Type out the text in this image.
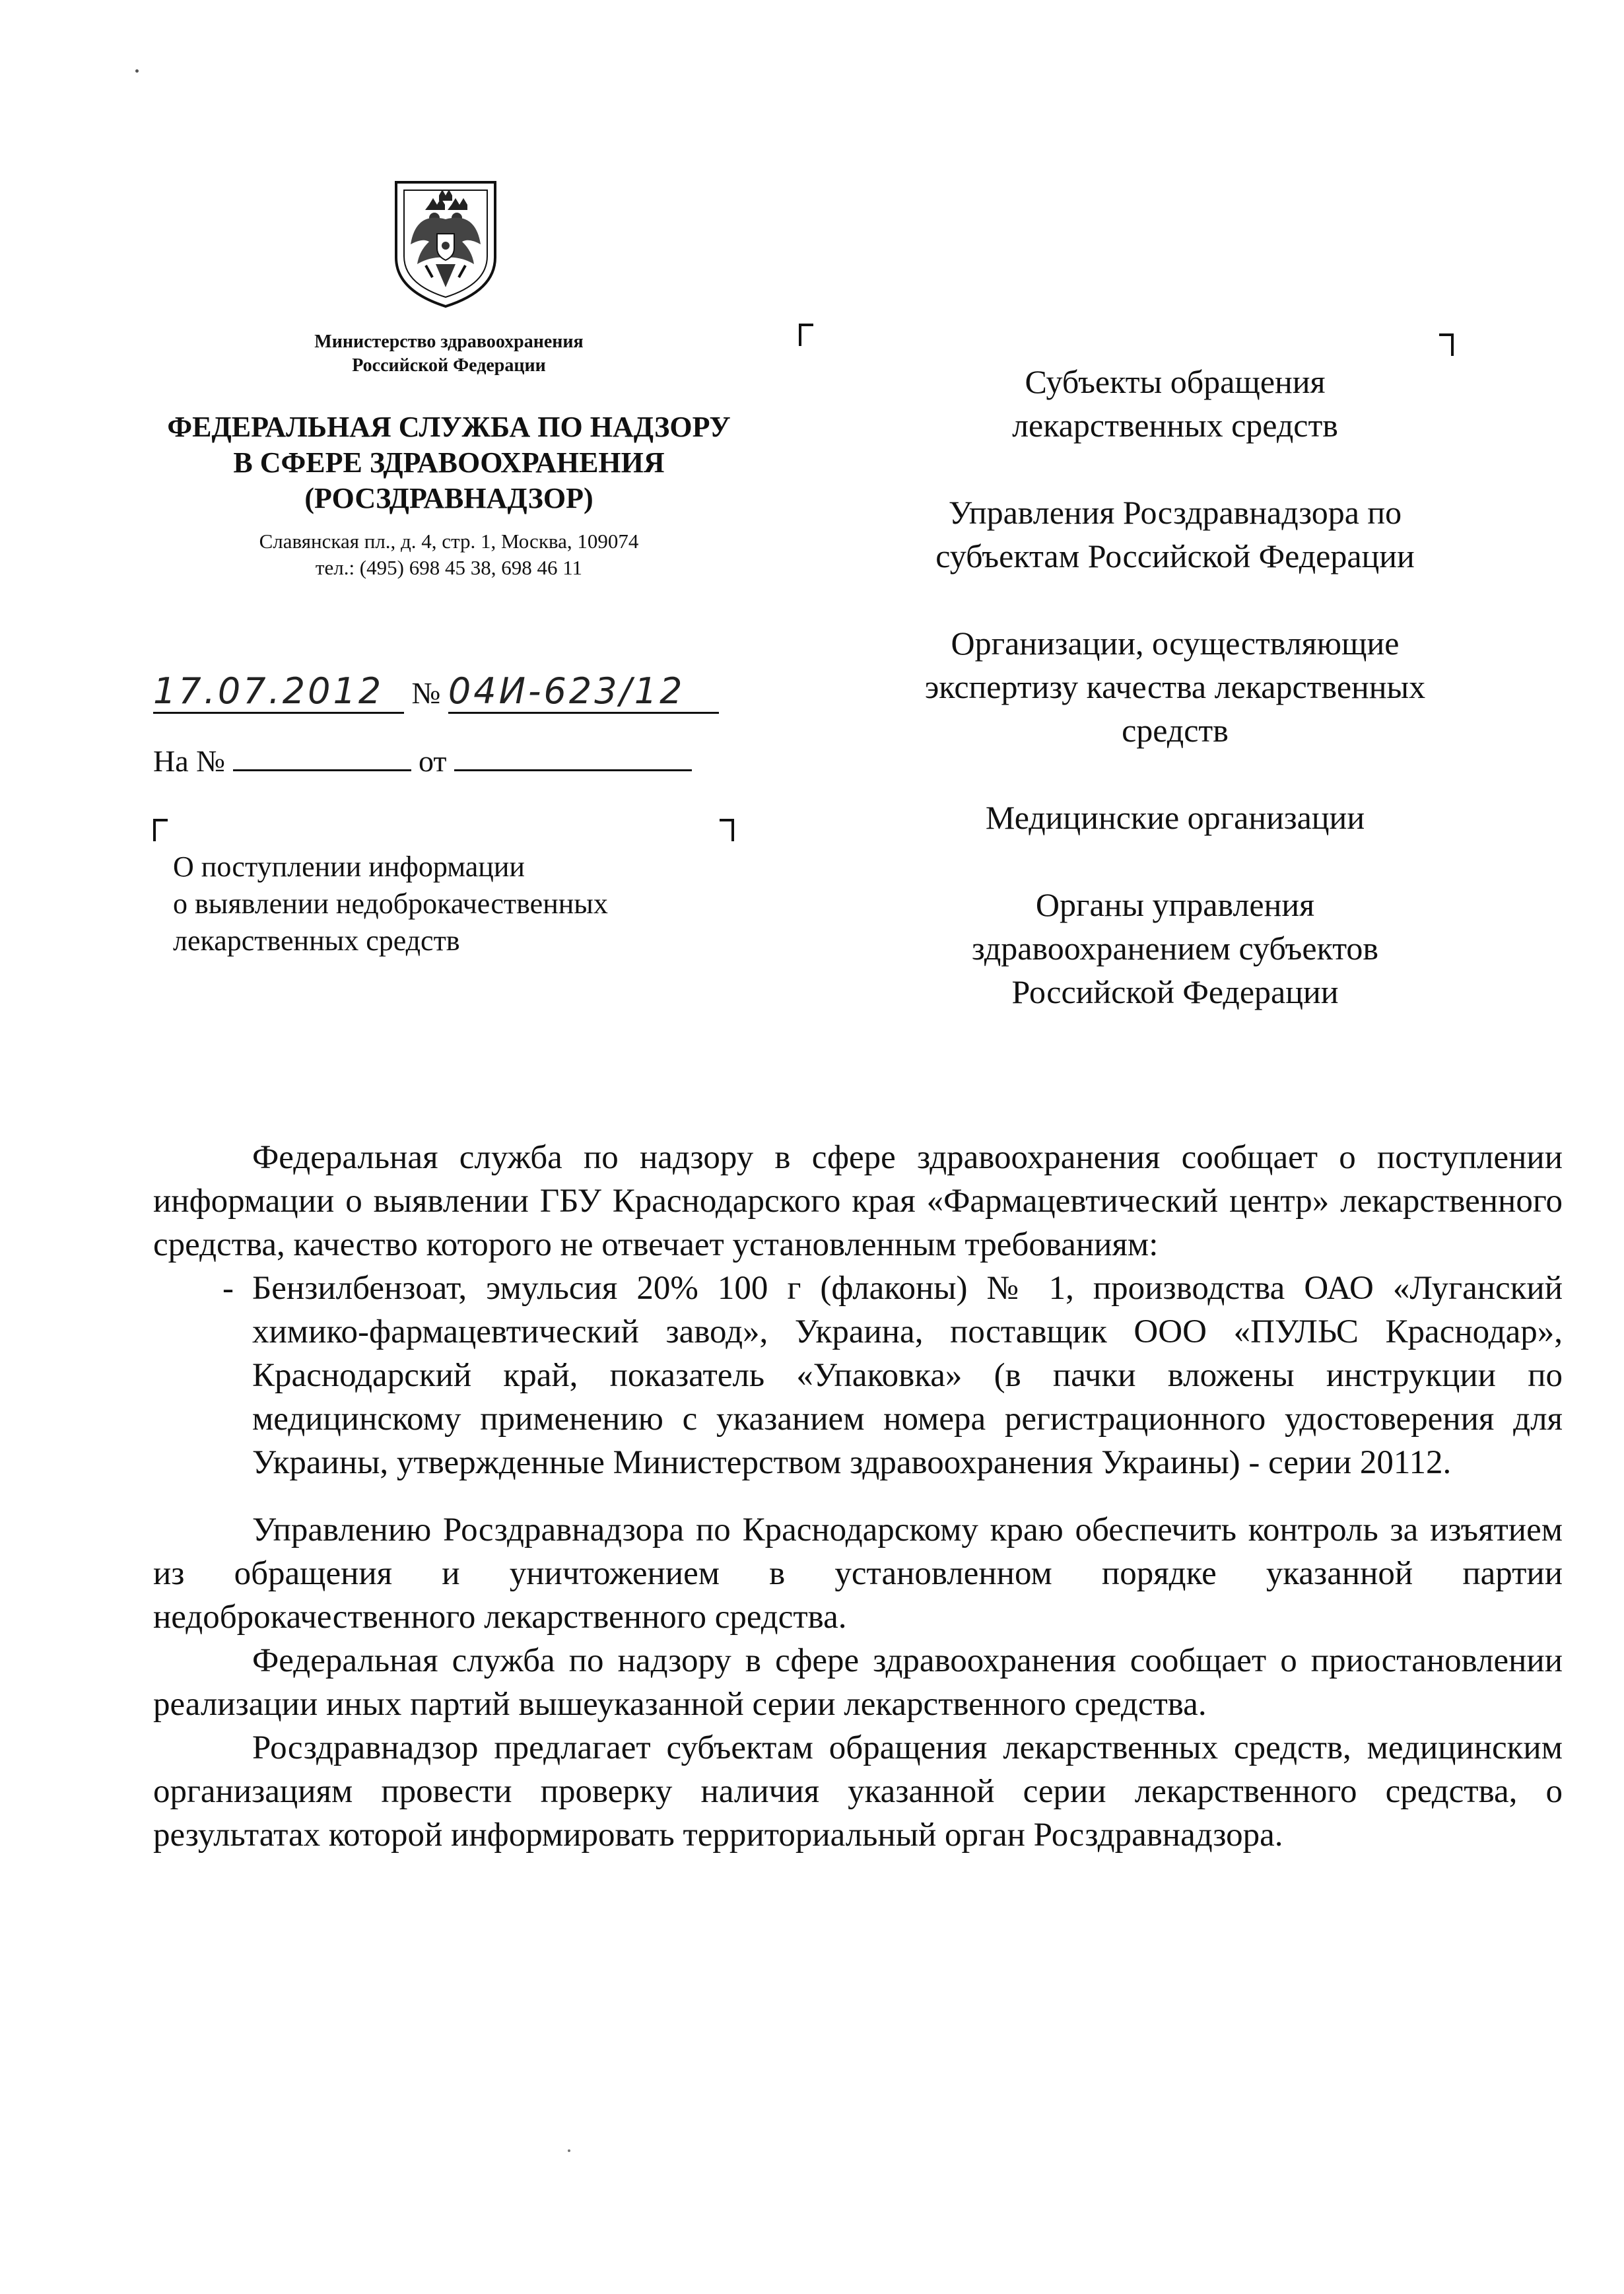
Министерство здравоохранения
Российской Федерации
ФЕДЕРАЛЬНАЯ СЛУЖБА ПО НАДЗОРУ
В СФЕРЕ ЗДРАВООХРАНЕНИЯ
(РОСЗДРАВНАДЗОР)
Славянская пл., д. 4, стр. 1, Москва, 109074
тел.: (495) 698 45 38, 698 46 11
17.07.2012 № 04И-623/12
На №	от
О поступлении информации
о выявлении недоброкачественных
лекарственных средств
Субъекты обращения
лекарственных средств
Управления Росздравнадзора по
субъектам Российской Федерации
Организации, осуществляющие
экспертизу качества лекарственных
средств
Медицинские организации
Органы управления
здравоохранением субъектов
Российской Федерации

Федеральная служба по надзору в сфере здравоохранения сообщает о поступлении информации о выявлении ГБУ Краснодарского края «Фармацевтический центр» лекарственного средства, качество которого не отвечает установленным требованиям:

- Бензилбензоат, эмульсия 20% 100 г (флаконы) № 1, производства ОАО «Луганский химико-фармацевтический завод», Украина, поставщик ООО «ПУЛЬС Краснодар», Краснодарский край, показатель «Упаковка» (в пачки вложены инструкции по медицинскому применению с указанием номера регистрационного удостоверения для Украины, утвержденные Министерством здравоохранения Украины) - серии 20112.

Управлению Росздравнадзора по Краснодарскому краю обеспечить контроль за изъятием из обращения и уничтожением в установленном порядке указанной партии недоброкачественного лекарственного средства.

Федеральная служба по надзору в сфере здравоохранения сообщает о приостановлении реализации иных партий вышеуказанной серии лекарственного средства.

Росздравнадзор предлагает субъектам обращения лекарственных средств, медицинским организациям провести проверку наличия указанной серии лекарственного средства, о результатах которой информировать территориальный орган Росздравнадзора.
